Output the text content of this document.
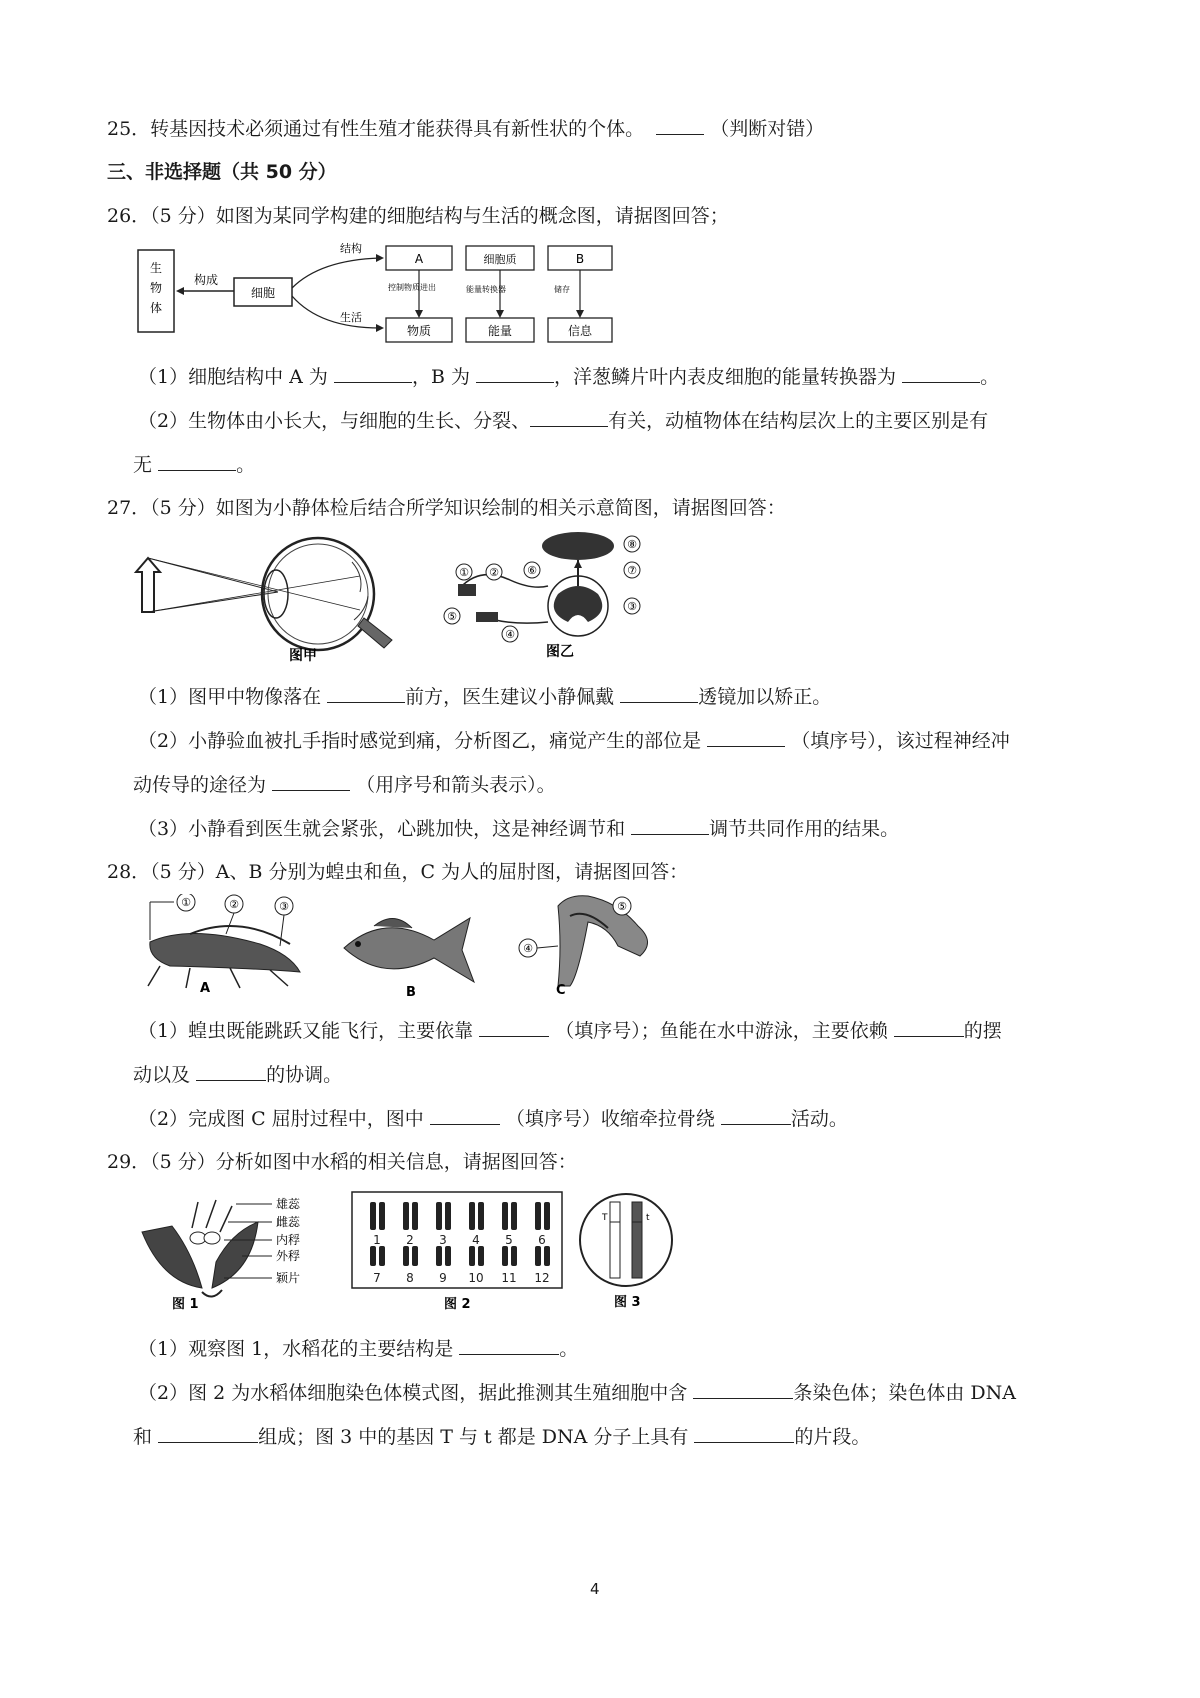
25．转基因技术必须通过有性生殖才能获得具有新性状的个体。	（判断对错）
三、非选择题（共 50 分）
26．（5 分）如图为某同学构建的细胞结构与生活的概念图，请据图回答；
生
物
体
构成
细胞
结构
生活
A	细胞质	B
控制物质进出	能量转换器	储存
物质	能量	信息
（1）细胞结构中 A 为	，B 为	，洋葱鳞片叶内表皮细胞的能量转换器为	。
（2）生物体由小长大，与细胞的生长、分裂、	有关，动植物体在结构层次上的主要区别是有
无	。
27．（5 分）如图为小静体检后结合所学知识绘制的相关示意简图，请据图回答：
图甲
① ②
③
④
⑤
⑥	⑦
⑧
图乙
（1）图甲中物像落在	前方，医生建议小静佩戴	透镜加以矫正。
（2）小静验血被扎手指时感觉到痛，分析图乙，痛觉产生的部位是	（填序号），该过程神经冲
动传导的途径为	（用序号和箭头表示）。
（3）小静看到医生就会紧张，心跳加快，这是神经调节和	调节共同作用的结果。
28．（5 分）A、B 分别为蝗虫和鱼，C 为人的屈肘图，请据图回答：
①	②	③
A	B
⑤
④
C
（1）蝗虫既能跳跃又能飞行，主要依靠	（填序号）；鱼能在水中游泳，主要依赖	的摆
动以及	的协调。
（2）完成图 C 屈肘过程中，图中	（填序号）收缩牵拉骨绕	活动。
29．（5 分）分析如图中水稻的相关信息，请据图回答：
雄蕊
雌蕊
内稃
外稃
颖片
图 1
1 2 3 4 5 6
7 8 9 10 11 12
图 2
T	t
图 3
（1）观察图 1，水稻花的主要结构是	。
（2）图 2 为水稻体细胞染色体模式图，据此推测其生殖细胞中含	条染色体；染色体由 DNA
和	组成；图 3 中的基因 T 与 t 都是 DNA 分子上具有	的片段。
4
